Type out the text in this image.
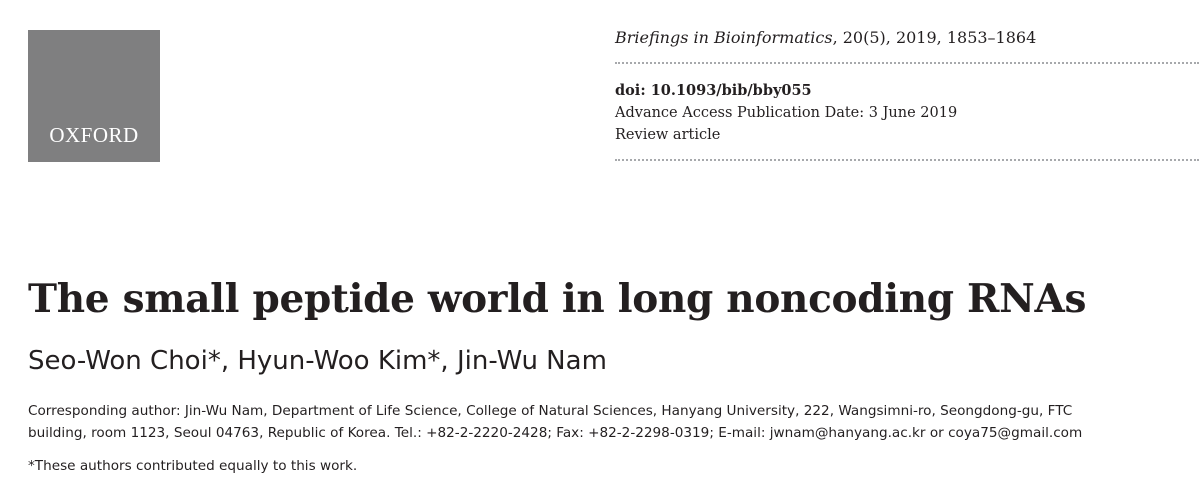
OXFORD
Briefings in Bioinformatics, 20(5), 2019, 1853–1864
doi: 10.1093/bib/bby055
Advance Access Publication Date: 3 June 2019
Review article
The small peptide world in long noncoding RNAs
Seo-Won Choi*, Hyun-Woo Kim*, Jin-Wu Nam
Corresponding author: Jin-Wu Nam, Department of Life Science, College of Natural Sciences, Hanyang University, 222, Wangsimni-ro, Seongdong-gu, FTC
building, room 1123, Seoul 04763, Republic of Korea. Tel.: +82-2-2220-2428; Fax: +82-2-2298-0319; E-mail: jwnam@hanyang.ac.kr or coya75@gmail.com
*These authors contributed equally to this work.
